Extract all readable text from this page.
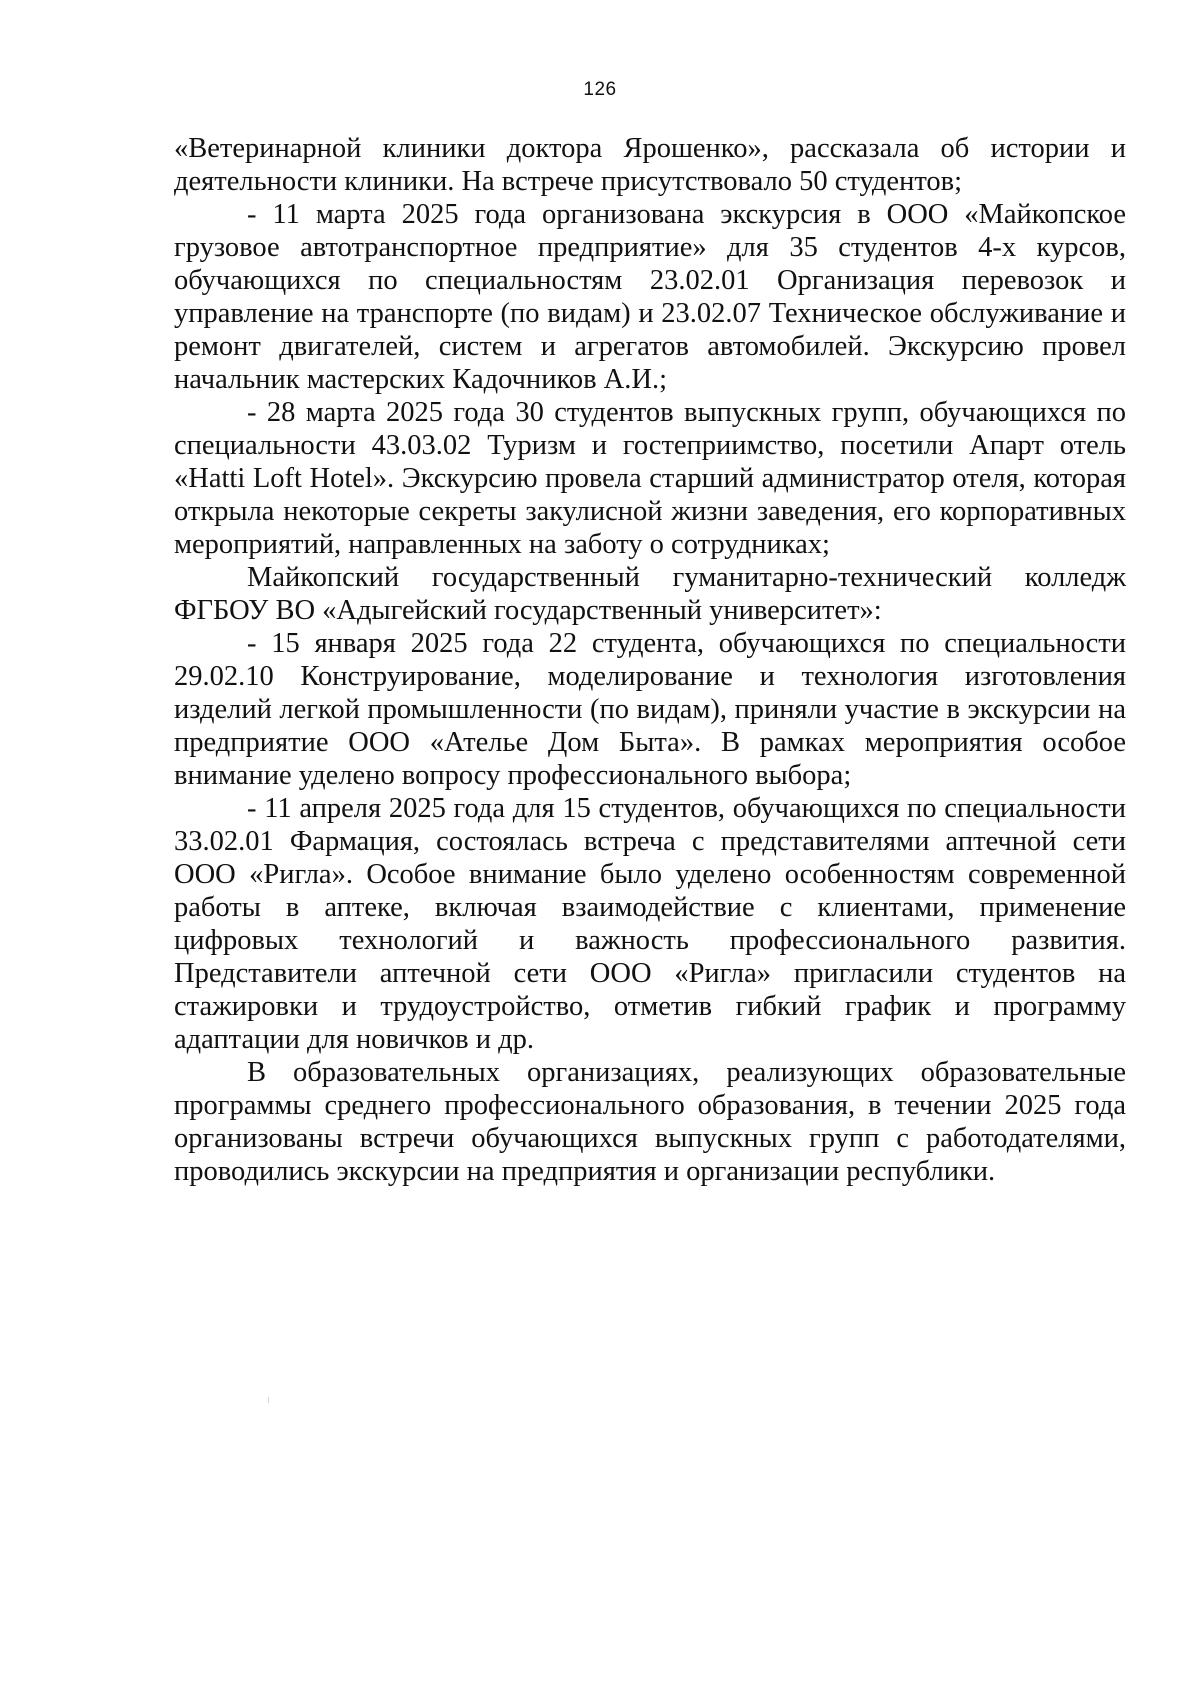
126

«Ветеринарной клиники доктора Ярошенко», рассказала об истории и деятельности клиники. На встрече присутствовало 50 студентов;

- 11 марта 2025 года организована экскурсия в ООО «Майкопское грузовое автотранспортное предприятие» для 35 студентов 4-х курсов, обучающихся по специальностям 23.02.01 Организация перевозок и управление на транспорте (по видам) и 23.02.07 Техническое обслуживание и ремонт двигателей, систем и агрегатов автомобилей. Экскурсию провел начальник мастерских Кадочников А.И.;

- 28 марта 2025 года 30 студентов выпускных групп, обучающихся по специальности 43.03.02 Туризм и гостеприимство, посетили Апарт отель «Hatti Loft Hotel». Экскурсию провела старший администратор отеля, которая открыла некоторые секреты закулисной жизни заведения, его корпоративных мероприятий, направленных на заботу о сотрудниках;

Майкопский государственный гуманитарно-технический колледж ФГБОУ ВО «Адыгейский государственный университет»:

- 15 января 2025 года 22 студента, обучающихся по специальности 29.02.10 Конструирование, моделирование и технология изготовления изделий легкой промышленности (по видам), приняли участие в экскурсии на предприятие ООО «Ателье Дом Быта». В рамках мероприятия особое внимание уделено вопросу профессионального выбора;

- 11 апреля 2025 года для 15 студентов, обучающихся по специальности 33.02.01 Фармация, состоялась встреча с представителями аптечной сети ООО «Ригла». Особое внимание было уделено особенностям современной работы в аптеке, включая взаимодействие с клиентами, применение цифровых технологий и важность профессионального развития. Представители аптечной сети ООО «Ригла» пригласили студентов на стажировки и трудоустройство, отметив гибкий график и программу адаптации для новичков и др.

В образовательных организациях, реализующих образовательные программы среднего профессионального образования, в течении 2025 года организованы встречи обучающихся выпускных групп с работодателями, проводились экскурсии на предприятия и организации республики.
